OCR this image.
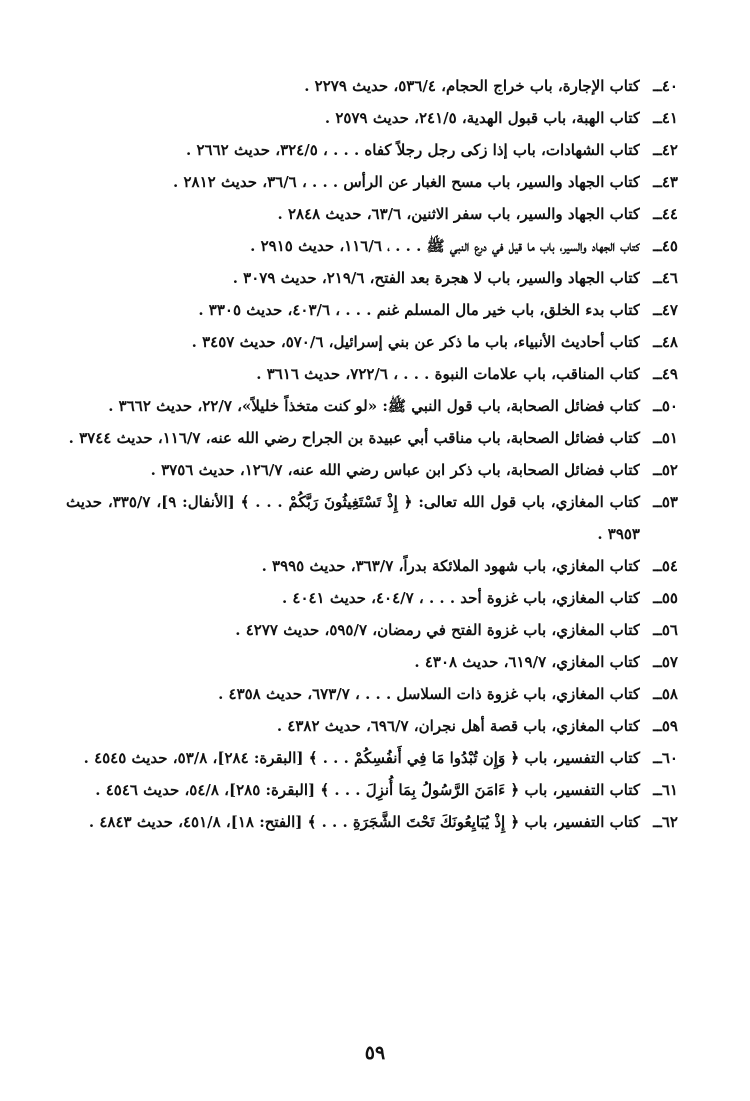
٤٠ــ
كتاب الإجارة، باب خراج الحجام، ٥٣٦/٤، حديث ٢٢٧٩ .
٤١ــ
كتاب الهبة، باب قبول الهدية، ٢٤١/٥، حديث ٢٥٧٩ .
٤٢ــ
كتاب الشهادات، باب إذا زكى رجل رجلاً كفاه . . . ، ٣٢٤/٥، حديث ٢٦٦٢ .
٤٣ــ
كتاب الجهاد والسير، باب مسح الغبار عن الرأس . . . ، ٣٦/٦، حديث ٢٨١٢ .
٤٤ــ
كتاب الجهاد والسير، باب سفر الاثنين، ٦٣/٦، حديث ٢٨٤٨ .
٤٥ــ
كتاب الجهاد والسير، باب ما قيل في درع النبي ﷺ . . . ، ١١٦/٦، حديث ٢٩١٥ .
٤٦ــ
كتاب الجهاد والسير، باب لا هجرة بعد الفتح، ٢١٩/٦، حديث ٣٠٧٩ .
٤٧ــ
كتاب بدء الخلق، باب خير مال المسلم غنم . . . ، ٤٠٣/٦، حديث ٣٣٠٥ .
٤٨ــ
كتاب أحاديث الأنبياء، باب ما ذكر عن بني إسرائيل، ٥٧٠/٦، حديث ٣٤٥٧ .
٤٩ــ
كتاب المناقب، باب علامات النبوة . . . ، ٧٢٢/٦، حديث ٣٦١٦ .
٥٠ــ
كتاب فضائل الصحابة، باب قول النبي ﷺ: «لو كنت متخذاً خليلاً»، ٢٢/٧، حديث ٣٦٦٢ .
٥١ــ
كتاب فضائل الصحابة، باب مناقب أبي عبيدة بن الجراح رضي الله عنه، ١١٦/٧، حديث ٣٧٤٤ .
٥٢ــ
كتاب فضائل الصحابة، باب ذكر ابن عباس رضي الله عنه، ١٢٦/٧، حديث ٣٧٥٦ .
٥٣ــ
كتاب المغازي، باب قول الله تعالى: ﴿ إِذْ تَسْتَغِيثُونَ رَبَّكُمْ . . . ﴾ [الأنفال: ٩]، ٣٣٥/٧، حديث ٣٩٥٣ .
٥٤ــ
كتاب المغازي، باب شهود الملائكة بدراً، ٣٦٣/٧، حديث ٣٩٩٥ .
٥٥ــ
كتاب المغازي، باب غزوة أحد . . . ، ٤٠٤/٧، حديث ٤٠٤١ .
٥٦ــ
كتاب المغازي، باب غزوة الفتح في رمضان، ٥٩٥/٧، حديث ٤٢٧٧ .
٥٧ــ
كتاب المغازي، ٦١٩/٧، حديث ٤٣٠٨ .
٥٨ــ
كتاب المغازي، باب غزوة ذات السلاسل . . . ، ٦٧٣/٧، حديث ٤٣٥٨ .
٥٩ــ
كتاب المغازي، باب قصة أهل نجران، ٦٩٦/٧، حديث ٤٣٨٢ .
٦٠ــ
كتاب التفسير، باب ﴿ وَإِن تُبْدُوا مَا فِي أَنفُسِكُمْ . . . ﴾ [البقرة: ٢٨٤]، ٥٣/٨، حديث ٤٥٤٥ .
٦١ــ
كتاب التفسير، باب ﴿ ءَامَنَ الرَّسُولُ بِمَا أُنزِلَ . . . ﴾ [البقرة: ٢٨٥]، ٥٤/٨، حديث ٤٥٤٦ .
٦٢ــ
كتاب التفسير، باب ﴿ إِذْ يُبَايِعُونَكَ تَحْتَ الشَّجَرَةِ . . . ﴾ [الفتح: ١٨]، ٤٥١/٨، حديث ٤٨٤٣ .
٥٩
